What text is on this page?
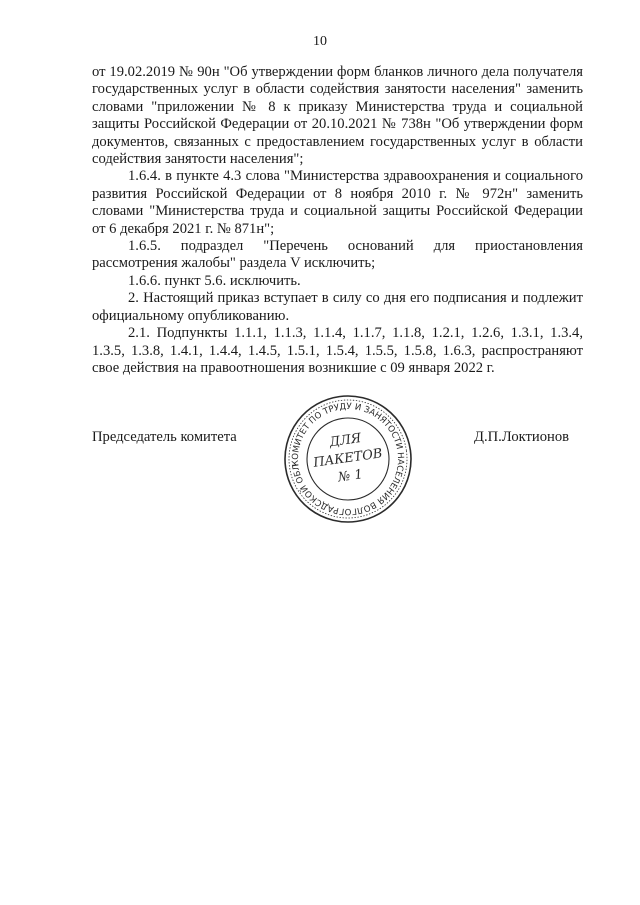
10

от 19.02.2019 № 90н "Об утверждении форм бланков личного дела получателя государственных услуг в области содействия занятости населения" заменить словами "приложении № 8 к приказу Министерства труда и социальной защиты Российской Федерации от 20.10.2021 № 738н "Об утверждении форм документов, связанных с предоставлением государственных услуг в области содействия занятости населения";

1.6.4. в пункте 4.3 слова "Министерства здравоохранения и социального развития Российской Федерации от 8 ноября 2010 г. № 972н" заменить словами "Министерства труда и социальной защиты Российской Федерации от 6 декабря 2021 г. № 871н";

1.6.5. подраздел "Перечень оснований для приостановления рассмотрения жалобы" раздела V исключить;

1.6.6. пункт 5.6. исключить.

2. Настоящий приказ вступает в силу со дня его подписания и подлежит официальному опубликованию.

2.1. Подпункты 1.1.1, 1.1.3, 1.1.4, 1.1.7, 1.1.8, 1.2.1, 1.2.6, 1.3.1, 1.3.4, 1.3.5, 1.3.8, 1.4.1, 1.4.4, 1.4.5, 1.5.1, 1.5.4, 1.5.5, 1.5.8, 1.6.3, распространяют свое действия на правоотношения возникшие с 09 января 2022 г.

Председатель комитета
КОМИТЕТ ПО ТРУДУ И ЗАНЯТОСТИ НАСЕЛЕНИЯ ВОЛГОГРАДСКОЙ ОБЛАСТИ
ДЛЯ
ПАКЕТОВ
№ 1
Д.П.Локтионов
